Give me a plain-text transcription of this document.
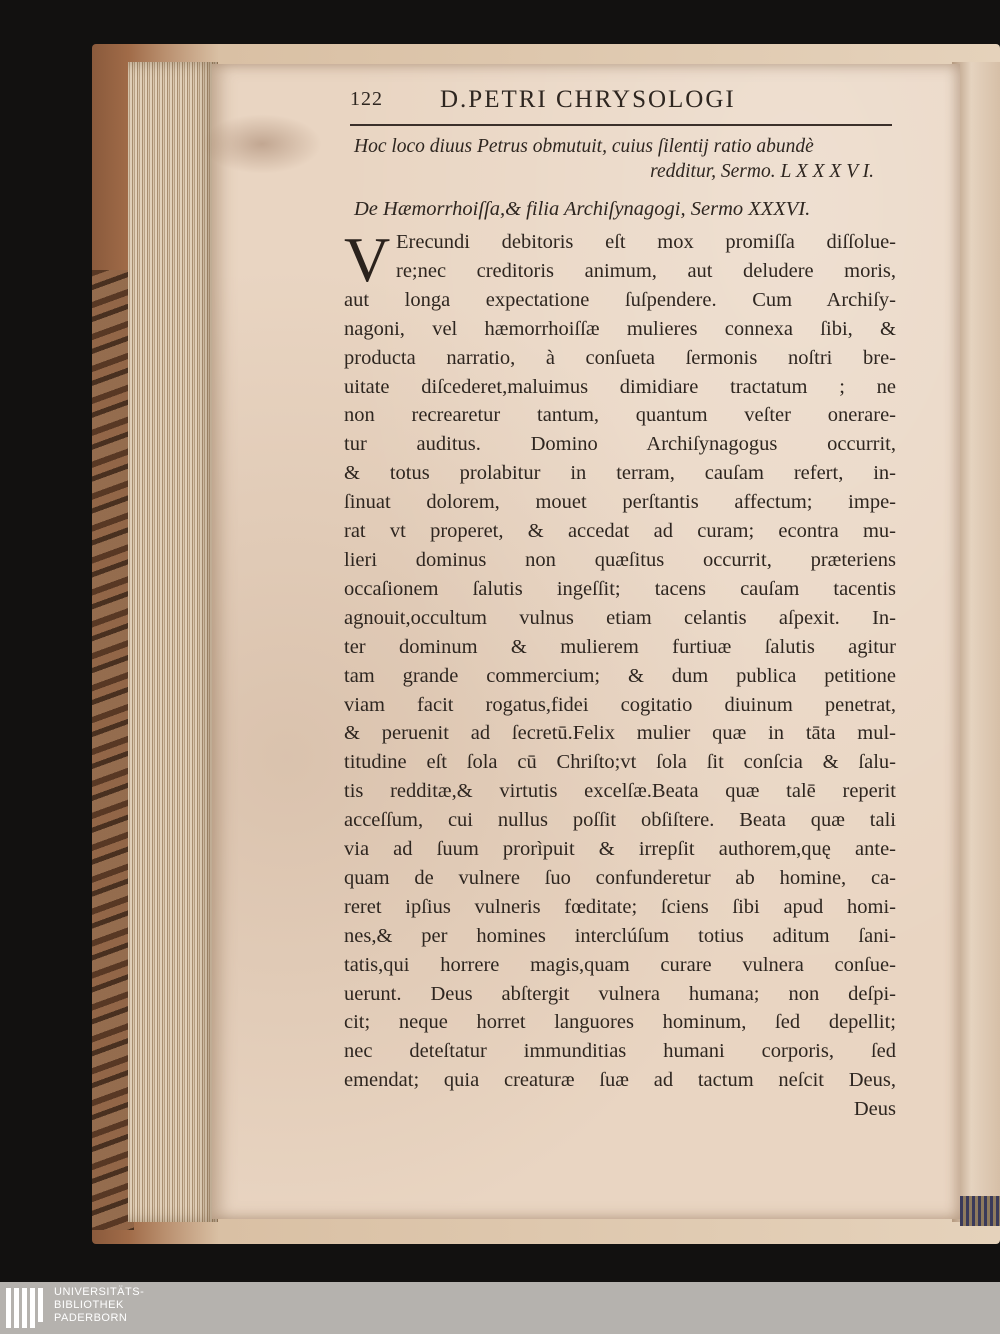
122 D.PETRI CHRYSOLOGI
Hoc loco diuus Petrus obmutuit, cuius ſilentij ratio abundè
redditur, Sermo. L X X X V I.
De Hæmorrhoiſſa,& filia Archiſynagogi, Sermo XXXVI.
V Erecundi debitoris eſt mox promiſſa diſſolue-
re;nec creditoris animum, aut deludere moris,
aut longa expectatione ſuſpendere. Cum Archiſy-
nagoni, vel hæmorrhoiſſæ mulieres connexa ſibi, &
producta narratio, à conſueta ſermonis noſtri bre-
uitate diſcederet,maluimus dimidiare tractatum ; ne
non recrearetur tantum, quantum veſter onerare-
tur auditus. Domino Archiſynagogus occurrit,
& totus prolabitur in terram, cauſam refert, in-
ſinuat dolorem, mouet perſtantis affectum; impe-
rat vt properet, & accedat ad curam; econtra mu-
lieri dominus non quæſitus occurrit, præteriens
occaſionem ſalutis ingeſſit; tacens cauſam tacentis
agnouit,occultum vulnus etiam celantis aſpexit. In-
ter dominum & mulierem furtiuæ ſalutis agitur
tam grande commercium; & dum publica petitione
viam facit rogatus,fidei cogitatio diuinum penetrat,
& peruenit ad ſecretū.Felix mulier quæ in tāta mul-
titudine eſt ſola cū Chriſto;vt ſola ſit conſcia & ſalu-
tis redditæ,& virtutis excelſæ.Beata quæ talē reperit
acceſſum, cui nullus poſſit obſiſtere. Beata quæ tali
via ad ſuum prorìpuit & irrepſit authorem,quę ante-
quam de vulnere ſuo confunderetur ab homine, ca-
reret ipſius vulneris fœditate; ſciens ſibi apud homi-
nes,& per homines interclúſum totius aditum ſani-
tatis,qui horrere magis,quam curare vulnera conſue-
uerunt. Deus abſtergit vulnera humana; non deſpi-
cit; neque horret languores hominum, ſed depellit;
nec deteſtatur immunditias humani corporis, ſed
emendat; quia creaturæ ſuæ ad tactum neſcit Deus,
Deus
UNIVERSITÄTS-
BIBLIOTHEK
PADERBORN
